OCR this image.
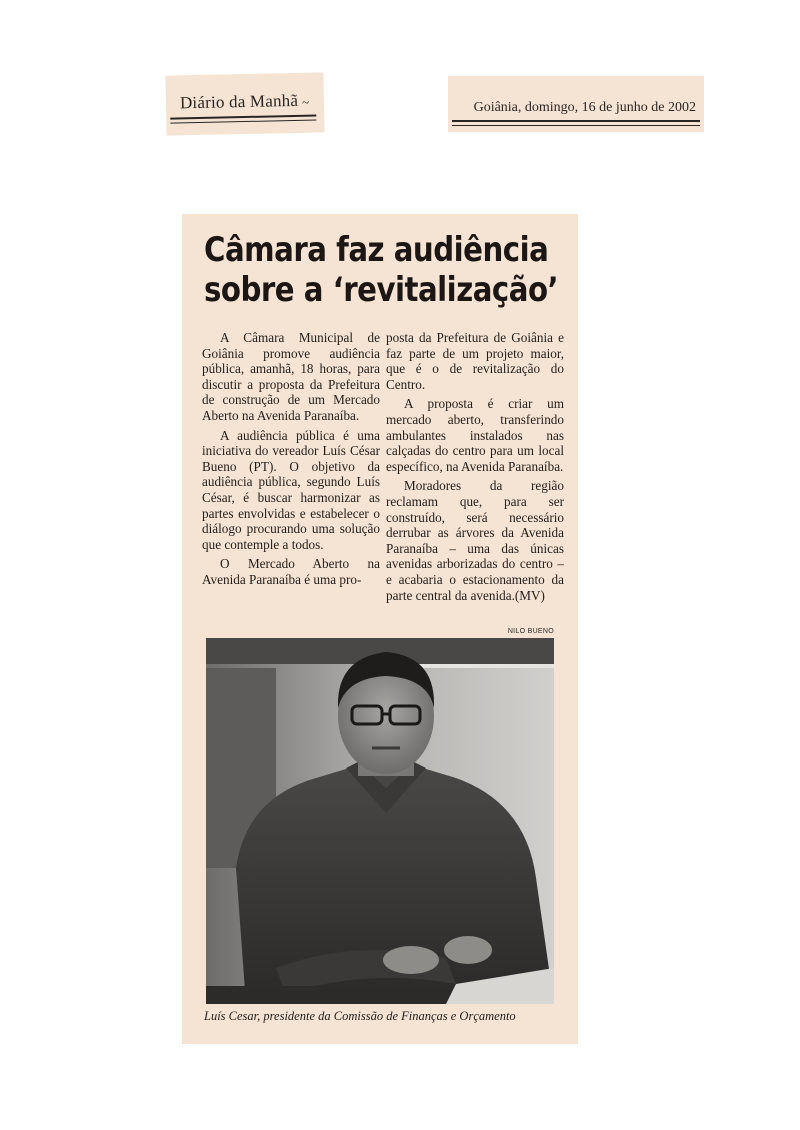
Diário da Manhã ~	Goiânia, domingo, 16 de junho de 2002
Câmara faz audiência
sobre a ‘revitalização’

A Câmara Municipal de Goiânia promove audiência pública, amanhã, 18 horas, para discutir a proposta da Prefeitura de construção de um Mercado Aberto na Avenida Paranaíba.

A audiência pública é uma iniciativa do vereador Luís César Bueno (PT). O objetivo da audiência pública, segundo Luís César, é buscar harmonizar as partes envolvidas e estabelecer o diálogo procurando uma solução que contemple a todos.

O Mercado Aberto na Avenida Paranaíba é uma pro-

posta da Prefeitura de Goiânia e faz parte de um projeto maior, que é o de revitalização do Centro.

A proposta é criar um mercado aberto, transferindo ambulantes instalados nas calçadas do centro para um local específico, na Avenida Paranaíba.

Moradores da região reclamam que, para ser construído, será necessário derrubar as árvores da Avenida Paranaíba – uma das únicas avenidas arborizadas do centro – e acabaria o estacionamento da parte central da avenida.(MV)

NILO BUENO
Luís Cesar, presidente da Comissão de Finanças e Orçamento
